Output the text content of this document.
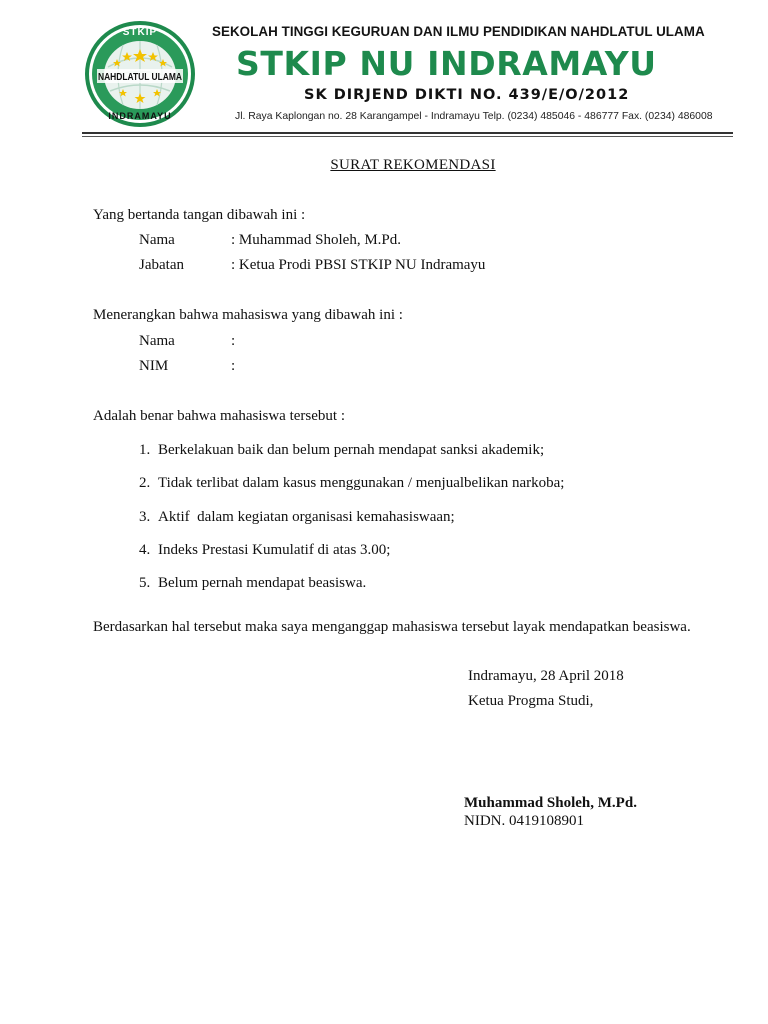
NAHDLATUL ULAMA
STKIP
INDRAMAYU
SEKOLAH TINGGI KEGURUAN DAN ILMU PENDIDIKAN NAHDLATUL ULAMA
STKIP NU INDRAMAYU
SK DIRJEND DIKTI NO. 439/E/O/2012
Jl. Raya Kaplongan no. 28 Karangampel - Indramayu Telp. (0234) 485046 - 486777 Fax. (0234) 486008
SURAT REKOMENDASI
Yang bertanda tangan dibawah ini :
Nama	: Muhammad Sholeh, M.Pd.
Jabatan	: Ketua Prodi PBSI STKIP NU Indramayu
Menerangkan bahwa mahasiswa yang dibawah ini :
Nama	:
NIM	:
Adalah benar bahwa mahasiswa tersebut :
1. Berkelakuan baik dan belum pernah mendapat sanksi akademik;
2. Tidak terlibat dalam kasus menggunakan / menjualbelikan narkoba;
3. Aktif  dalam kegiatan organisasi kemahasiswaan;
4. Indeks Prestasi Kumulatif di atas 3.00;
5. Belum pernah mendapat beasiswa.
Berdasarkan hal tersebut maka saya menganggap mahasiswa tersebut layak mendapatkan beasiswa.
Indramayu, 28 April 2018
Ketua Progma Studi,
Muhammad Sholeh, M.Pd.
NIDN. 0419108901
